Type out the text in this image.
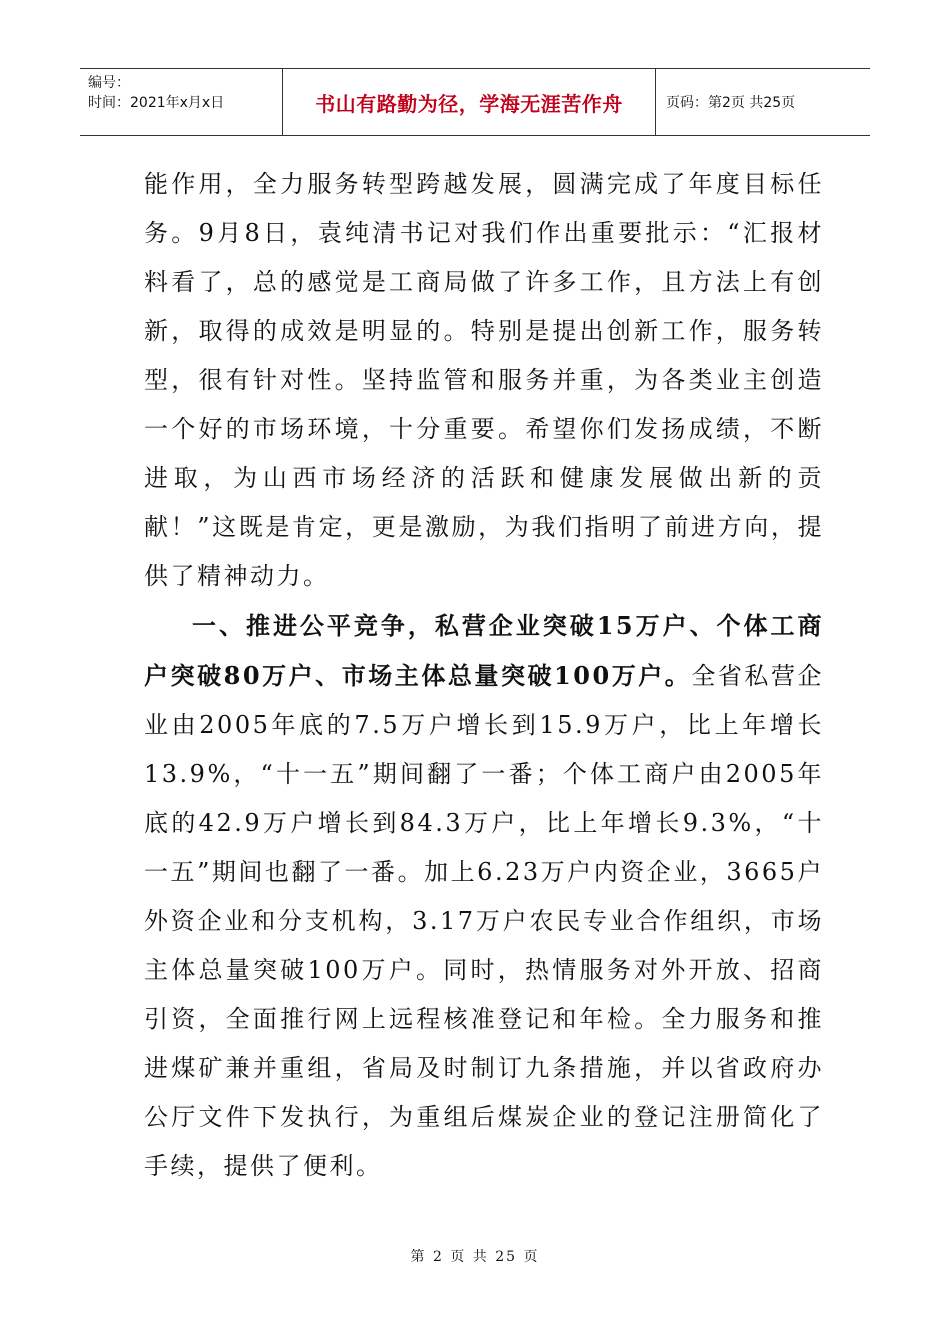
编号：
时间：2021年x月x日	书山有路勤为径，学海无涯苦作舟	页码：第2页 共25页

能作用，全力服务转型跨越发展，圆满完成了年度目标任务。9月8日，袁纯清书记对我们作出重要批示：“汇报材料看了，总的感觉是工商局做了许多工作，且方法上有创新，取得的成效是明显的。特别是提出创新工作，服务转型，很有针对性。坚持监管和服务并重，为各类业主创造一个好的市场环境，十分重要。希望你们发扬成绩，不断进取，为山西市场经济的活跃和健康发展做出新的贡献！”这既是肯定，更是激励，为我们指明了前进方向，提供了精神动力。

一、推进公平竞争，私营企业突破15万户、个体工商户突破80万户、市场主体总量突破100万户。全省私营企业由2005年底的7.5万户增长到15.9万户，比上年增长13.9%，“十一五”期间翻了一番；个体工商户由2005年底的42.9万户增长到84.3万户，比上年增长9.3%，“十一五”期间也翻了一番。加上6.23万户内资企业，3665户外资企业和分支机构，3.17万户农民专业合作组织，市场主体总量突破100万户。同时，热情服务对外开放、招商引资，全面推行网上远程核准登记和年检。全力服务和推进煤矿兼并重组，省局及时制订九条措施，并以省政府办公厅文件下发执行，为重组后煤炭企业的登记注册简化了手续，提供了便利。

第 2 页 共 25 页
